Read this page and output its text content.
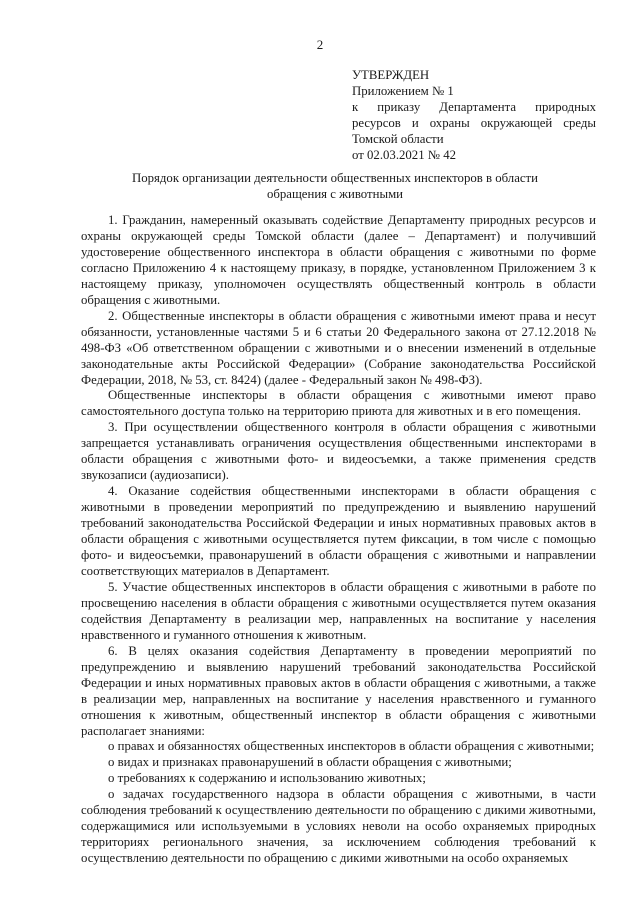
2
УТВЕРЖДЕН
Приложением № 1
к приказу Департамента природных
ресурсов и охраны окружающей среды
Томской области
от 02.03.2021 № 42
Порядок организации деятельности общественных инспекторов в области
обращения с животными

1. Гражданин, намеренный оказывать содействие Департаменту природных ресурсов и охраны окружающей среды Томской области (далее – Департамент) и получивший удостоверение общественного инспектора в области обращения с животными по форме согласно Приложению 4 к настоящему приказу, в порядке, установленном Приложением 3 к настоящему приказу, уполномочен осуществлять общественный контроль в области обращения с животными.

2. Общественные инспекторы в области обращения с животными имеют права и несут обязанности, установленные частями 5 и 6 статьи 20 Федерального закона от 27.12.2018 № 498-ФЗ «Об ответственном обращении с животными и о внесении изменений в отдельные законодательные акты Российской Федерации» (Собрание законодательства Российской Федерации, 2018, № 53, ст. 8424) (далее - Федеральный закон № 498-ФЗ).

Общественные инспекторы в области обращения с животными имеют право самостоятельного доступа только на территорию приюта для животных и в его помещения.

3. При осуществлении общественного контроля в области обращения с животными запрещается устанавливать ограничения осуществления общественными инспекторами в области обращения с животными фото- и видеосъемки, а также применения средств звукозаписи (аудиозаписи).

4. Оказание содействия общественными инспекторами в области обращения с животными в проведении мероприятий по предупреждению и выявлению нарушений требований законодательства Российской Федерации и иных нормативных правовых актов в области обращения с животными осуществляется путем фиксации, в том числе с помощью фото- и видеосъемки, правонарушений в области обращения с животными и направлении соответствующих материалов в Департамент.

5. Участие общественных инспекторов в области обращения с животными в работе по просвещению населения в области обращения с животными осуществляется путем оказания содействия Департаменту в реализации мер, направленных на воспитание у населения нравственного и гуманного отношения к животным.

6. В целях оказания содействия Департаменту в проведении мероприятий по предупреждению и выявлению нарушений требований законодательства Российской Федерации и иных нормативных правовых актов в области обращения с животными, а также в реализации мер, направленных на воспитание у населения нравственного и гуманного отношения к животным, общественный инспектор в области обращения с животными располагает знаниями:

о правах и обязанностях общественных инспекторов в области обращения с животными;

о видах и признаках правонарушений в области обращения с животными;

о требованиях к содержанию и использованию животных;

о задачах государственного надзора в области обращения с животными, в части соблюдения требований к осуществлению деятельности по обращению с дикими животными, содержащимися или используемыми в условиях неволи на особо охраняемых природных территориях регионального значения, за исключением соблюдения требований к осуществлению деятельности по обращению с дикими животными на особо охраняемых
